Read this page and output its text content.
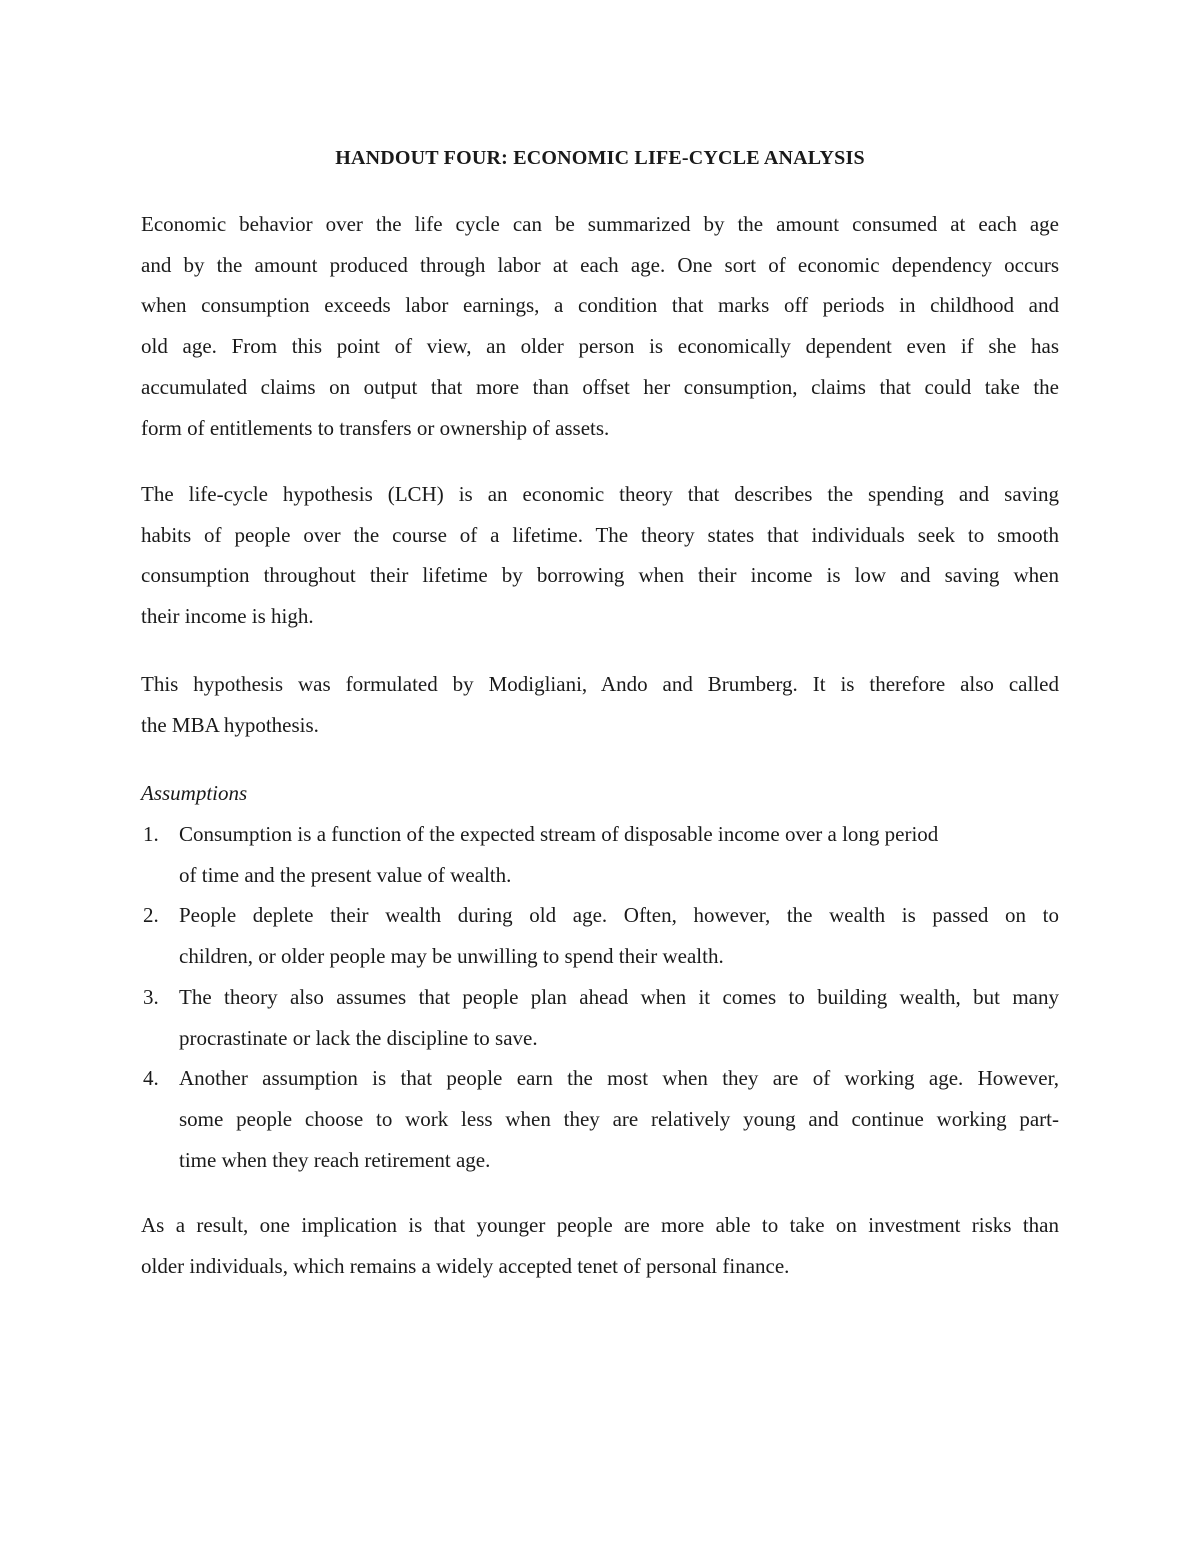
HANDOUT FOUR: ECONOMIC LIFE-CYCLE ANALYSIS
Economic behavior over the life cycle can be summarized by the amount consumed at each age
and by the amount produced through labor at each age. One sort of economic dependency occurs
when consumption exceeds labor earnings, a condition that marks off periods in childhood and
old age. From this point of view, an older person is economically dependent even if she has
accumulated claims on output that more than offset her consumption, claims that could take the
form of entitlements to transfers or ownership of assets.
The life-cycle hypothesis (LCH) is an economic theory that describes the spending and saving
habits of people over the course of a lifetime. The theory states that individuals seek to smooth
consumption throughout their lifetime by borrowing when their income is low and saving when
their income is high.
This hypothesis was formulated by Modigliani, Ando and Brumberg. It is therefore also called
the MBA hypothesis.
Assumptions
1. Consumption is a function of the expected stream of disposable income over a long period
of time and the present value of wealth.
2. People deplete their wealth during old age. Often, however, the wealth is passed on to
children, or older people may be unwilling to spend their wealth.
3. The theory also assumes that people plan ahead when it comes to building wealth, but many
procrastinate or lack the discipline to save.
4. Another assumption is that people earn the most when they are of working age. However,
some people choose to work less when they are relatively young and continue working part-
time when they reach retirement age.
As a result, one implication is that younger people are more able to take on investment risks than
older individuals, which remains a widely accepted tenet of personal finance.
